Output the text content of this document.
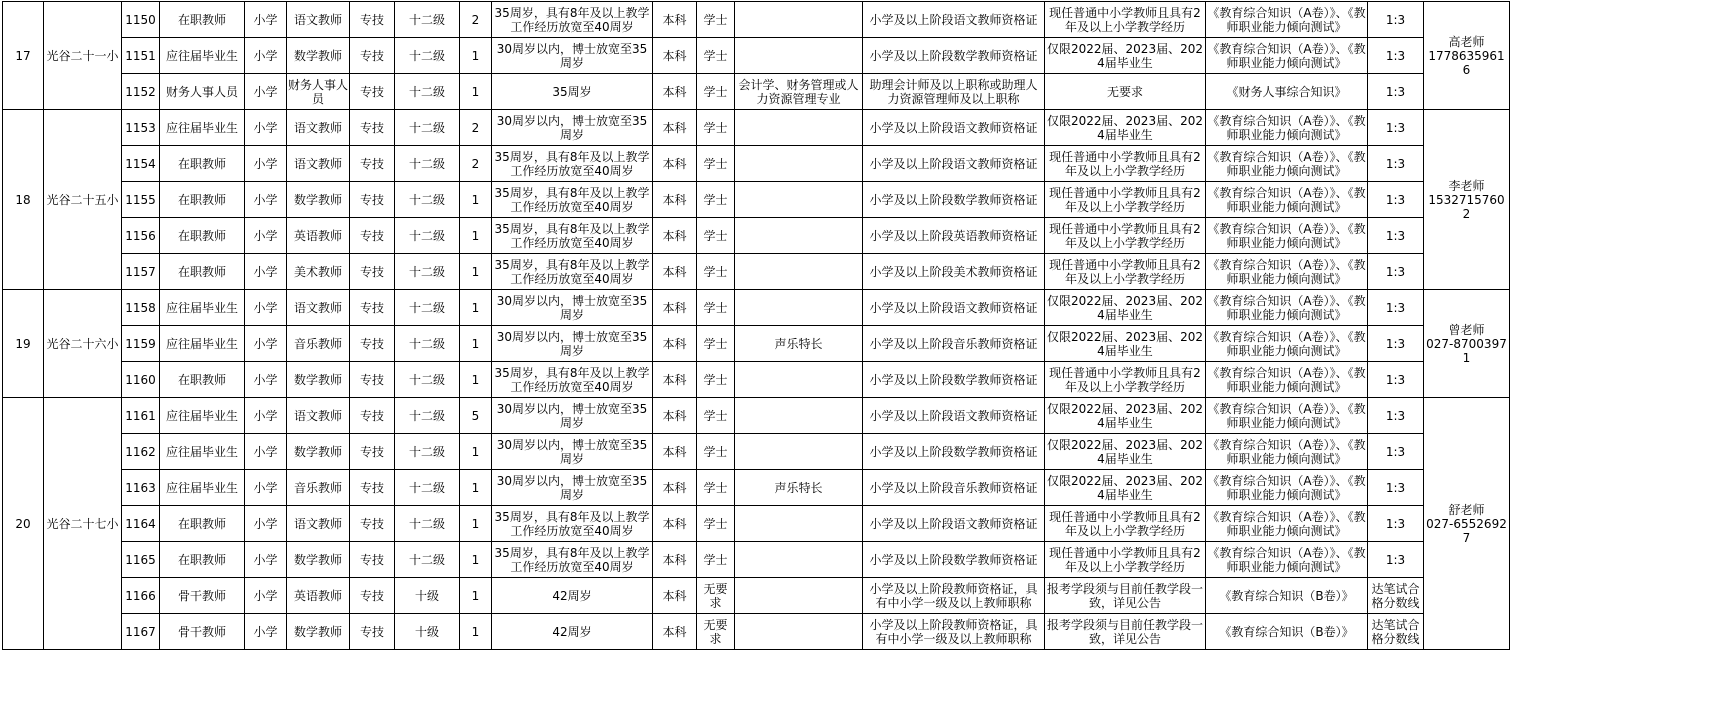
17	光谷二十一小	1150	在职教师	小学	语文教师	专技	十二级	2	35周岁，具有8年及以上教学工作经历放宽至40周岁	本科	学士		小学及以上阶段语文教师资格证	现任普通中小学教师且具有2年及以上小学教学经历	《教育综合知识（A卷）》、《教师职业能力倾向测试》	1:3	高老师
17786359616
		1151	应往届毕业生	小学	数学教师	专技	十二级	1	30周岁以内，博士放宽至35周岁	本科	学士		小学及以上阶段数学教师资格证	仅限2022届、2023届、2024届毕业生	《教育综合知识（A卷）》、《教师职业能力倾向测试》	1:3	
		1152	财务人事人员	小学	财务人事人员	专技	十二级	1	35周岁	本科	学士	会计学、财务管理或人力资源管理专业	助理会计师及以上职称或助理人力资源管理师及以上职称	无要求	《财务人事综合知识》	1:3	
18	光谷二十五小	1153	应往届毕业生	小学	语文教师	专技	十二级	2	30周岁以内，博士放宽至35周岁	本科	学士		小学及以上阶段语文教师资格证	仅限2022届、2023届、2024届毕业生	《教育综合知识（A卷）》、《教师职业能力倾向测试》	1:3	李老师
15327157602
		1154	在职教师	小学	语文教师	专技	十二级	2	35周岁，具有8年及以上教学工作经历放宽至40周岁	本科	学士		小学及以上阶段语文教师资格证	现任普通中小学教师且具有2年及以上小学教学经历	《教育综合知识（A卷）》、《教师职业能力倾向测试》	1:3	
		1155	在职教师	小学	数学教师	专技	十二级	1	35周岁，具有8年及以上教学工作经历放宽至40周岁	本科	学士		小学及以上阶段数学教师资格证	现任普通中小学教师且具有2年及以上小学教学经历	《教育综合知识（A卷）》、《教师职业能力倾向测试》	1:3	
		1156	在职教师	小学	英语教师	专技	十二级	1	35周岁，具有8年及以上教学工作经历放宽至40周岁	本科	学士		小学及以上阶段英语教师资格证	现任普通中小学教师且具有2年及以上小学教学经历	《教育综合知识（A卷）》、《教师职业能力倾向测试》	1:3	
		1157	在职教师	小学	美术教师	专技	十二级	1	35周岁，具有8年及以上教学工作经历放宽至40周岁	本科	学士		小学及以上阶段美术教师资格证	现任普通中小学教师且具有2年及以上小学教学经历	《教育综合知识（A卷）》、《教师职业能力倾向测试》	1:3	
19	光谷二十六小	1158	应往届毕业生	小学	语文教师	专技	十二级	1	30周岁以内，博士放宽至35周岁	本科	学士		小学及以上阶段语文教师资格证	仅限2022届、2023届、2024届毕业生	《教育综合知识（A卷）》、《教师职业能力倾向测试》	1:3	曾老师
027-87003971
		1159	应往届毕业生	小学	音乐教师	专技	十二级	1	30周岁以内，博士放宽至35周岁	本科	学士	声乐特长	小学及以上阶段音乐教师资格证	仅限2022届、2023届、2024届毕业生	《教育综合知识（A卷）》、《教师职业能力倾向测试》	1:3	
		1160	在职教师	小学	数学教师	专技	十二级	1	35周岁，具有8年及以上教学工作经历放宽至40周岁	本科	学士		小学及以上阶段数学教师资格证	现任普通中小学教师且具有2年及以上小学教学经历	《教育综合知识（A卷）》、《教师职业能力倾向测试》	1:3	
20	光谷二十七小	1161	应往届毕业生	小学	语文教师	专技	十二级	5	30周岁以内，博士放宽至35周岁	本科	学士		小学及以上阶段语文教师资格证	仅限2022届、2023届、2024届毕业生	《教育综合知识（A卷）》、《教师职业能力倾向测试》	1:3	舒老师
027-65526927
		1162	应往届毕业生	小学	数学教师	专技	十二级	1	30周岁以内，博士放宽至35周岁	本科	学士		小学及以上阶段数学教师资格证	仅限2022届、2023届、2024届毕业生	《教育综合知识（A卷）》、《教师职业能力倾向测试》	1:3	
		1163	应往届毕业生	小学	音乐教师	专技	十二级	1	30周岁以内，博士放宽至35周岁	本科	学士	声乐特长	小学及以上阶段音乐教师资格证	仅限2022届、2023届、2024届毕业生	《教育综合知识（A卷）》、《教师职业能力倾向测试》	1:3	
		1164	在职教师	小学	语文教师	专技	十二级	1	35周岁，具有8年及以上教学工作经历放宽至40周岁	本科	学士		小学及以上阶段语文教师资格证	现任普通中小学教师且具有2年及以上小学教学经历	《教育综合知识（A卷）》、《教师职业能力倾向测试》	1:3	
		1165	在职教师	小学	数学教师	专技	十二级	1	35周岁，具有8年及以上教学工作经历放宽至40周岁	本科	学士		小学及以上阶段数学教师资格证	现任普通中小学教师且具有2年及以上小学教学经历	《教育综合知识（A卷）》、《教师职业能力倾向测试》	1:3	
		1166	骨干教师	小学	英语教师	专技	十级	1	42周岁	本科	无要求		小学及以上阶段教师资格证，具有中小学一级及以上教师职称	报考学段须与目前任教学段一致，详见公告	《教育综合知识（B卷）》	达笔试合格分数线	
		1167	骨干教师	小学	数学教师	专技	十级	1	42周岁	本科	无要求		小学及以上阶段教师资格证，具有中小学一级及以上教师职称	报考学段须与目前任教学段一致，详见公告	《教育综合知识（B卷）》	达笔试合格分数线	
